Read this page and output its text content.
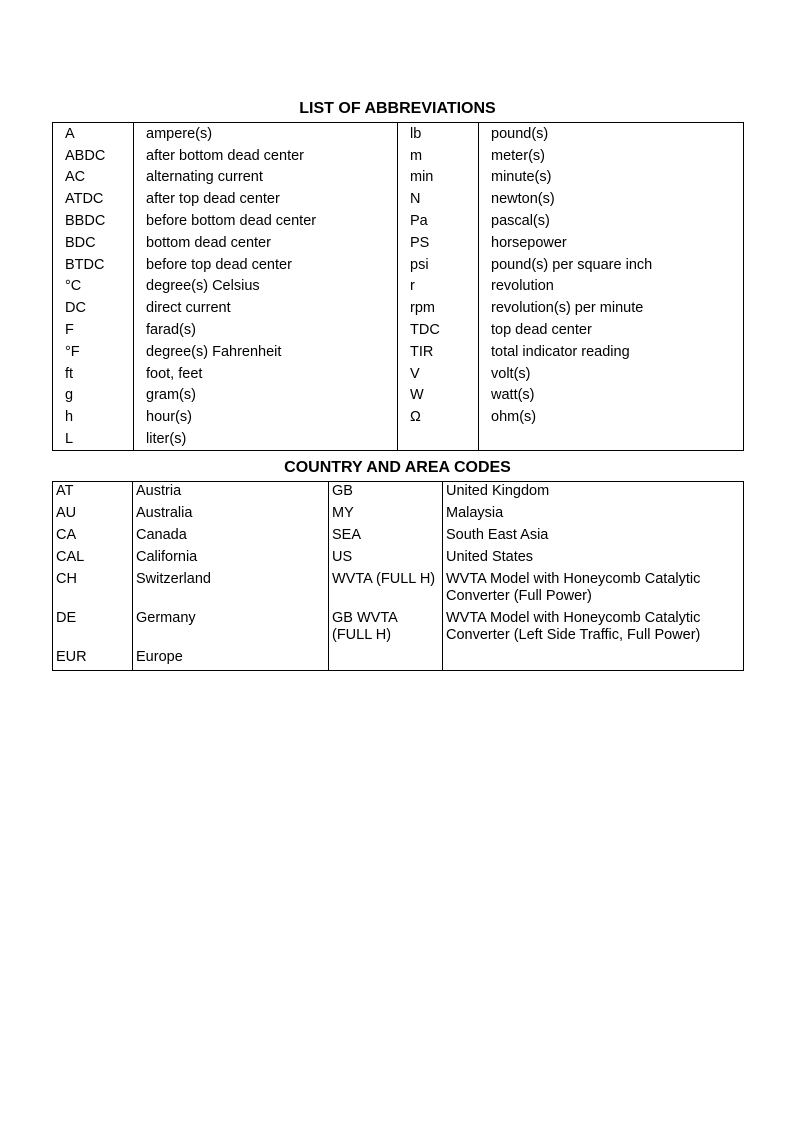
LIST OF ABBREVIATIONS
A	ampere(s)	lb	pound(s)
ABDC	after bottom dead center	m	meter(s)
AC	alternating current	min	minute(s)
ATDC	after top dead center	N	newton(s)
BBDC	before bottom dead center	Pa	pascal(s)
BDC	bottom dead center	PS	horsepower
BTDC	before top dead center	psi	pound(s) per square inch
°C	degree(s) Celsius	r	revolution
DC	direct current	rpm	revolution(s) per minute
F	farad(s)	TDC	top dead center
°F	degree(s) Fahrenheit	TIR	total indicator reading
ft	foot, feet	V	volt(s)
g	gram(s)	W	watt(s)
h	hour(s)	Ω	ohm(s)
L	liter(s)		
COUNTRY AND AREA CODES
AT	Austria	GB	United Kingdom
AU	Australia	MY	Malaysia
CA	Canada	SEA	South East Asia
CAL	California	US	United States
CH	Switzerland	WVTA (FULL H)	WVTA Model with Honeycomb Catalytic Converter (Full Power)
DE	Germany	GB WVTA (FULL H)	WVTA Model with Honeycomb Catalytic Converter (Left Side Traffic, Full Power)
EUR	Europe		
